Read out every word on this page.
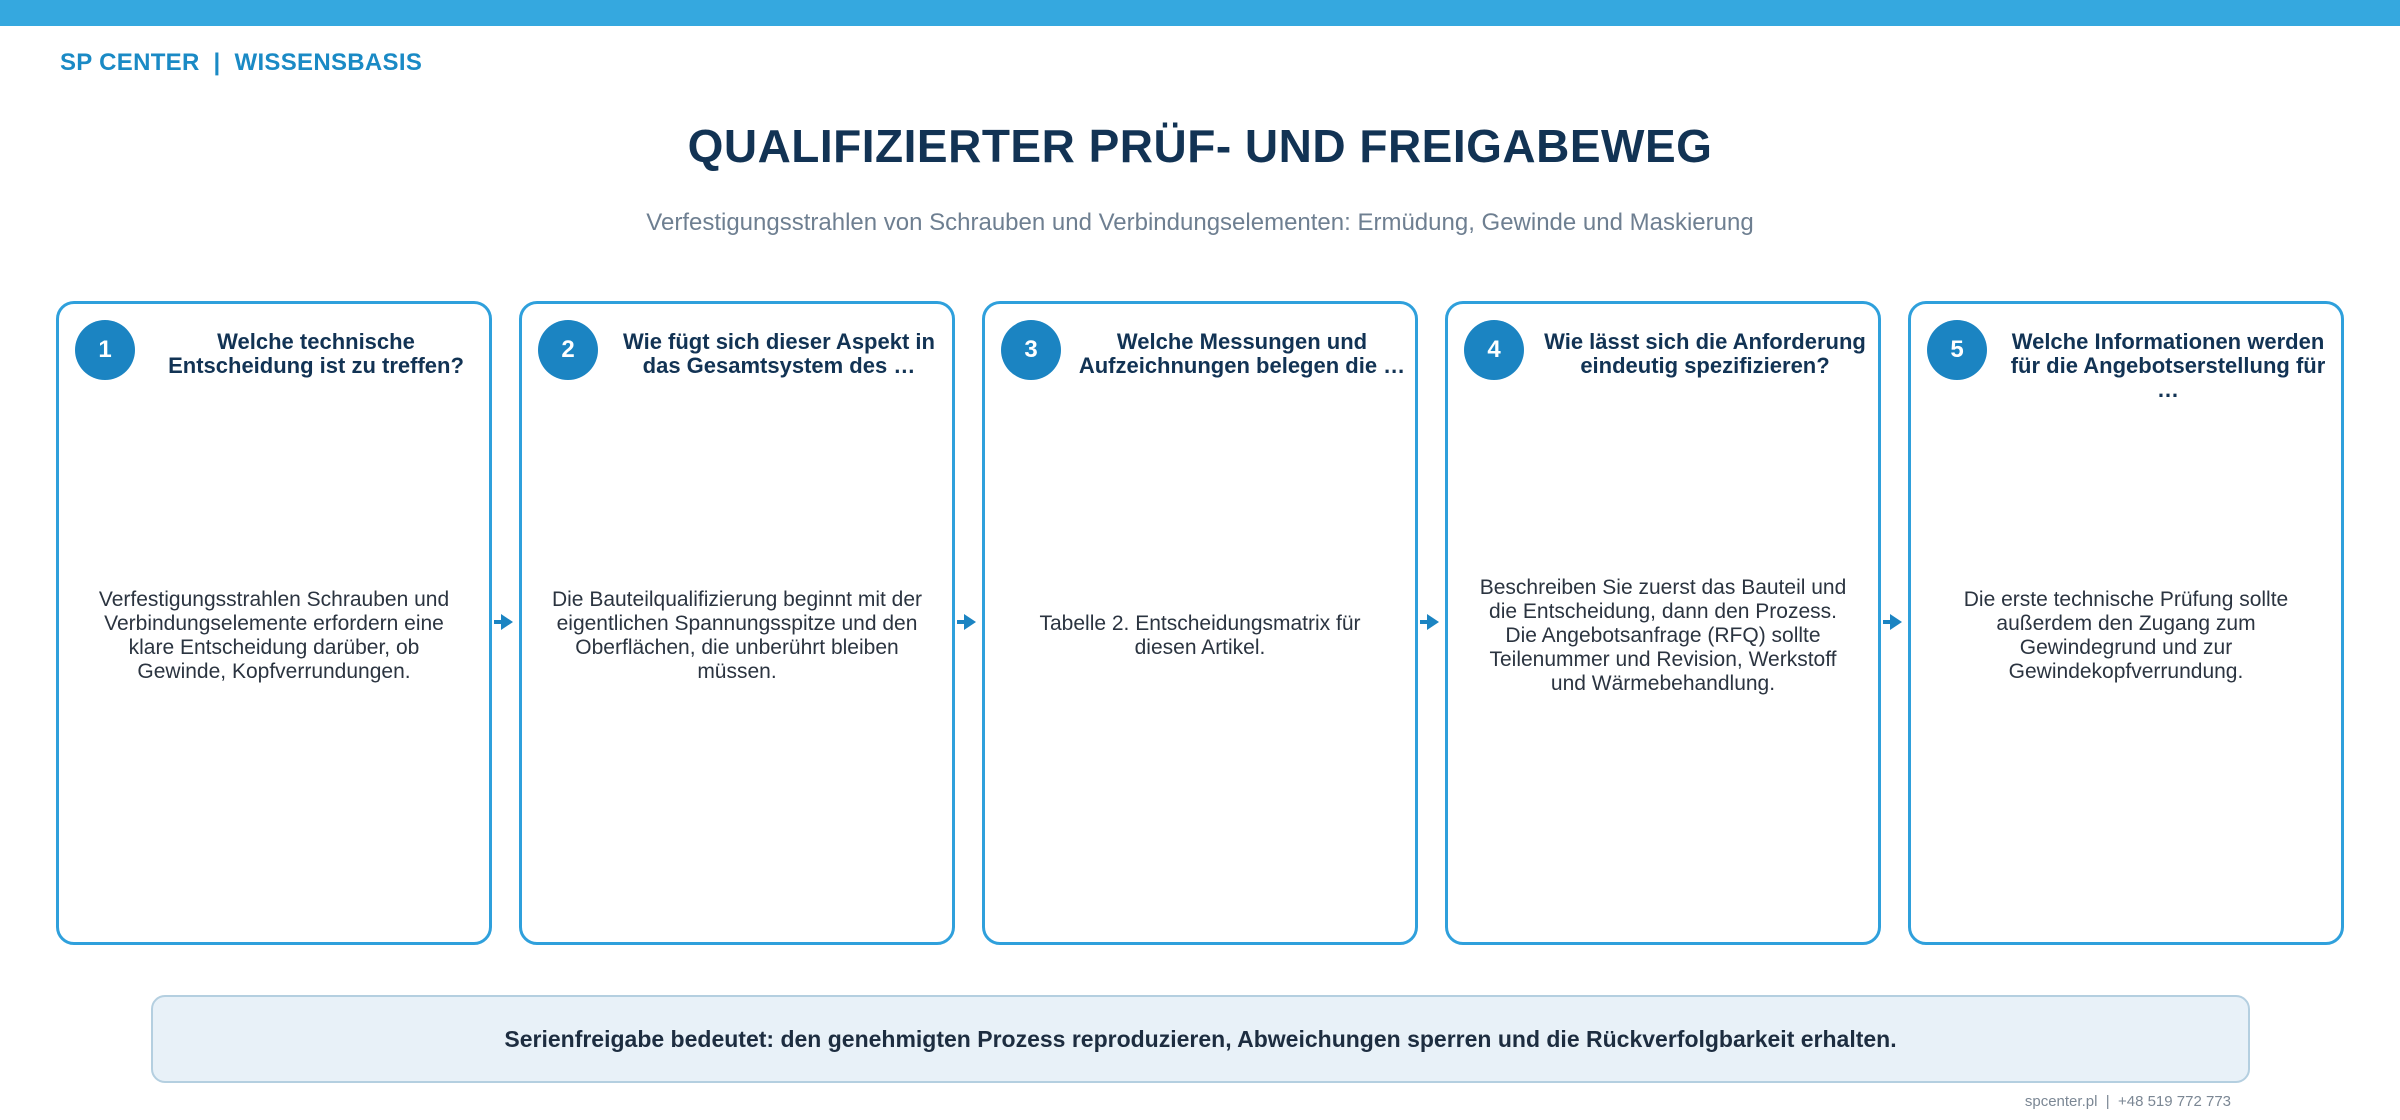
SP CENTER  |  WISSENSBASIS
QUALIFIZIERTER PRÜF- UND FREIGABEWEG
Verfestigungsstrahlen von Schrauben und Verbindungselementen: Ermüdung, Gewinde und Maskierung
1	Welche technische Entscheidung ist zu treffen?
Verfestigungsstrahlen Schrauben und Verbindungselemente erfordern eine klare Entscheidung darüber, ob Gewinde, Kopfverrundungen.
2	Wie fügt sich dieser Aspekt in das Gesamtsystem des …
Die Bauteilqualifizierung beginnt mit der eigentlichen Spannungsspitze und den Oberflächen, die unberührt bleiben müssen.
3	Welche Messungen und Aufzeichnungen belegen die …
Tabelle 2. Entscheidungsmatrix für diesen Artikel.
4	Wie lässt sich die Anforderung eindeutig spezifizieren?
Beschreiben Sie zuerst das Bauteil und die Entscheidung, dann den Prozess. Die Angebotsanfrage (RFQ) sollte Teilenummer und Revision, Werkstoff und Wärmebehandlung.
5	Welche Informationen werden für die Angebotserstellung für …
Die erste technische Prüfung sollte außerdem den Zugang zum Gewindegrund und zur Gewindekopfverrundung.
Serienfreigabe bedeutet: den genehmigten Prozess reproduzieren, Abweichungen sperren und die Rückverfolgbarkeit erhalten.
spcenter.pl  |  +48 519 772 773
